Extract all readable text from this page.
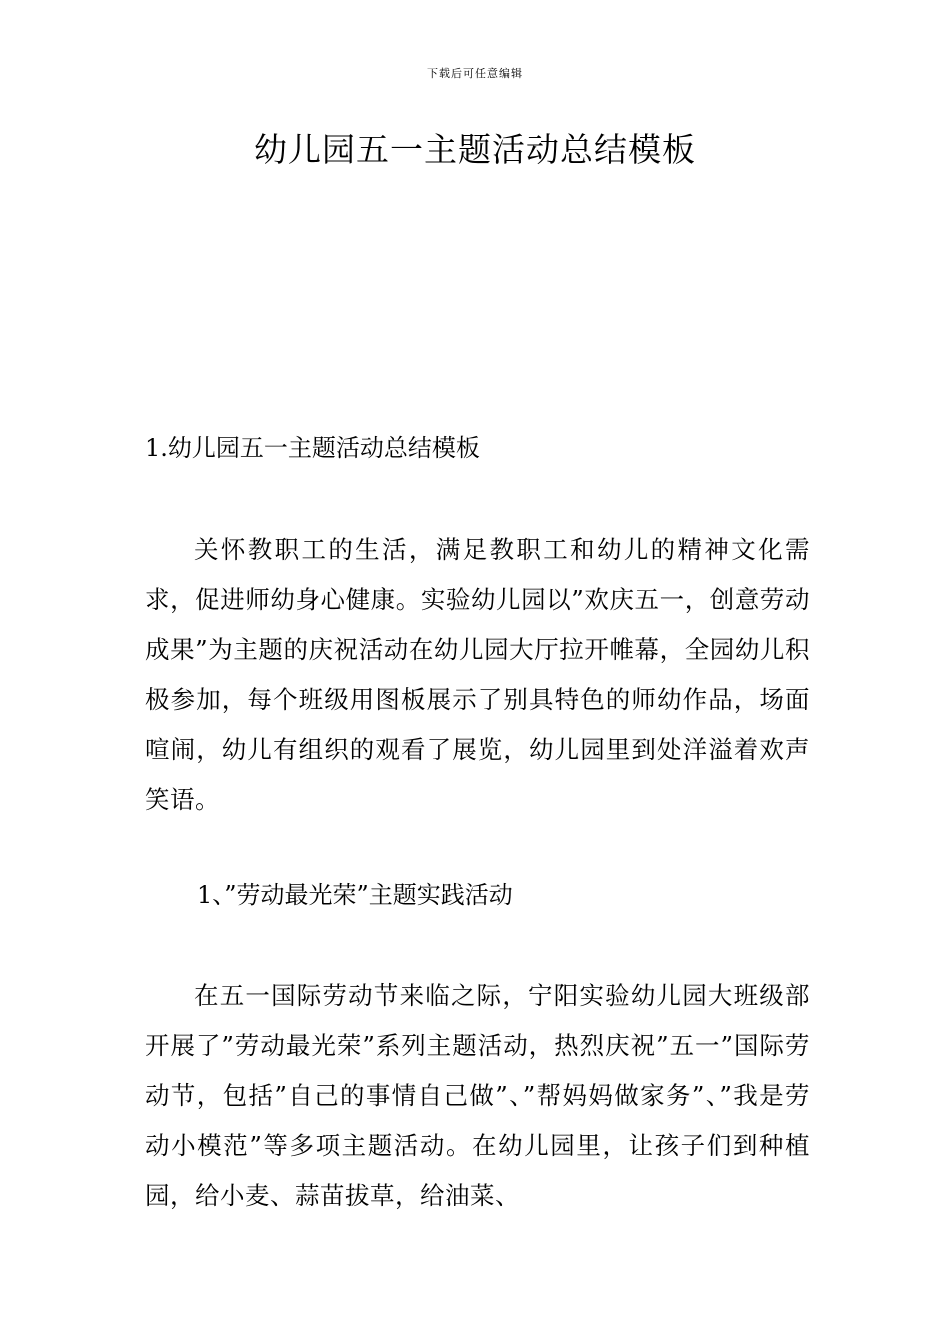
下载后可任意编辑
幼儿园五一主题活动总结模板
1.幼儿园五一主题活动总结模板

关怀教职工的生活，满足教职工和幼儿的精神文化需求，促进师幼身心健康。实验幼儿园以”欢庆五一，创意劳动成果”为主题的庆祝活动在幼儿园大厅拉开帷幕，全园幼儿积极参加，每个班级用图板展示了别具特色的师幼作品，场面喧闹，幼儿有组织的观看了展览，幼儿园里到处洋溢着欢声笑语。

1、”劳动最光荣”主题实践活动

在五一国际劳动节来临之际，宁阳实验幼儿园大班级部开展了”劳动最光荣”系列主题活动，热烈庆祝”五一”国际劳动节，包括”自己的事情自己做”、”帮妈妈做家务”、”我是劳动小模范”等多项主题活动。在幼儿园里，让孩子们到种植园，给小麦、蒜苗拔草，给油菜、
